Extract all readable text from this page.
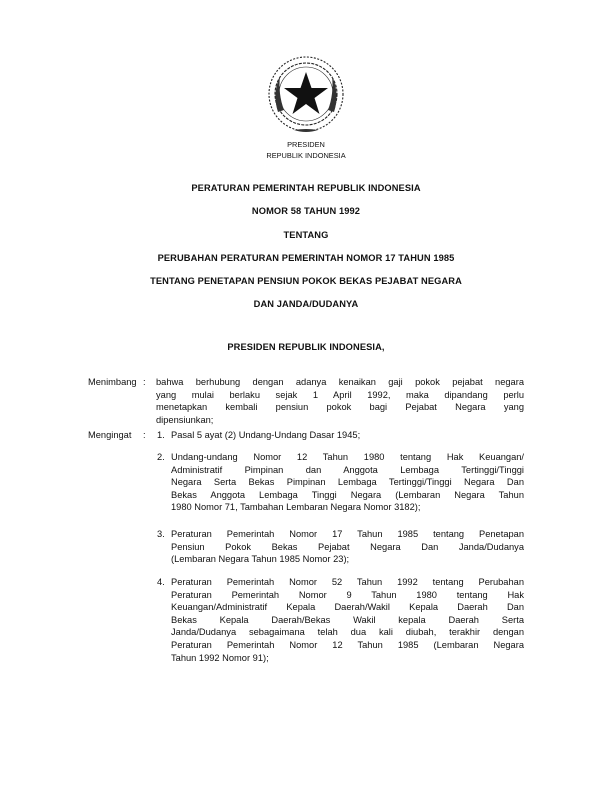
PRESIDEN
REPUBLIK INDONESIA
PERATURAN PEMERINTAH REPUBLIK INDONESIA
NOMOR 58 TAHUN 1992
TENTANG
PERUBAHAN PERATURAN PEMERINTAH NOMOR 17 TAHUN 1985
TENTANG PENETAPAN PENSIUN POKOK BEKAS PEJABAT NEGARA
DAN JANDA/DUDANYA
PRESIDEN REPUBLIK INDONESIA,
Menimbang :	bahwa berhubung dengan adanya kenaikan gaji pokok pejabat negara
yang mulai berlaku sejak 1 April 1992, maka dipandang perlu
menetapkan kembali pensiun pokok bagi Pejabat Negara yang
dipensiunkan;
Mengingat	:	1. Pasal 5 ayat (2) Undang-Undang Dasar 1945;
2. Undang-undang Nomor 12 Tahun 1980 tentang Hak Keuangan/
Administratif Pimpinan dan Anggota Lembaga Tertinggi/Tinggi
Negara Serta Bekas Pimpinan Lembaga Tertinggi/Tinggi Negara Dan
Bekas Anggota Lembaga Tinggi Negara (Lembaran Negara Tahun
1980 Nomor 71, Tambahan Lembaran Negara Nomor 3182);
3. Peraturan Pemerintah Nomor 17 Tahun 1985 tentang Penetapan
Pensiun Pokok Bekas Pejabat Negara Dan Janda/Dudanya
(Lembaran Negara Tahun 1985 Nomor 23);
4. Peraturan Pemerintah Nomor 52 Tahun 1992 tentang Perubahan
Peraturan Pemerintah Nomor 9 Tahun 1980 tentang Hak
Keuangan/Administratif Kepala Daerah/Wakil Kepala Daerah Dan
Bekas Kepala Daerah/Bekas Wakil kepala Daerah Serta
Janda/Dudanya sebagaimana telah dua kali diubah, terakhir dengan
Peraturan Pemerintah Nomor 12 Tahun 1985 (Lembaran Negara
Tahun 1992 Nomor 91);
